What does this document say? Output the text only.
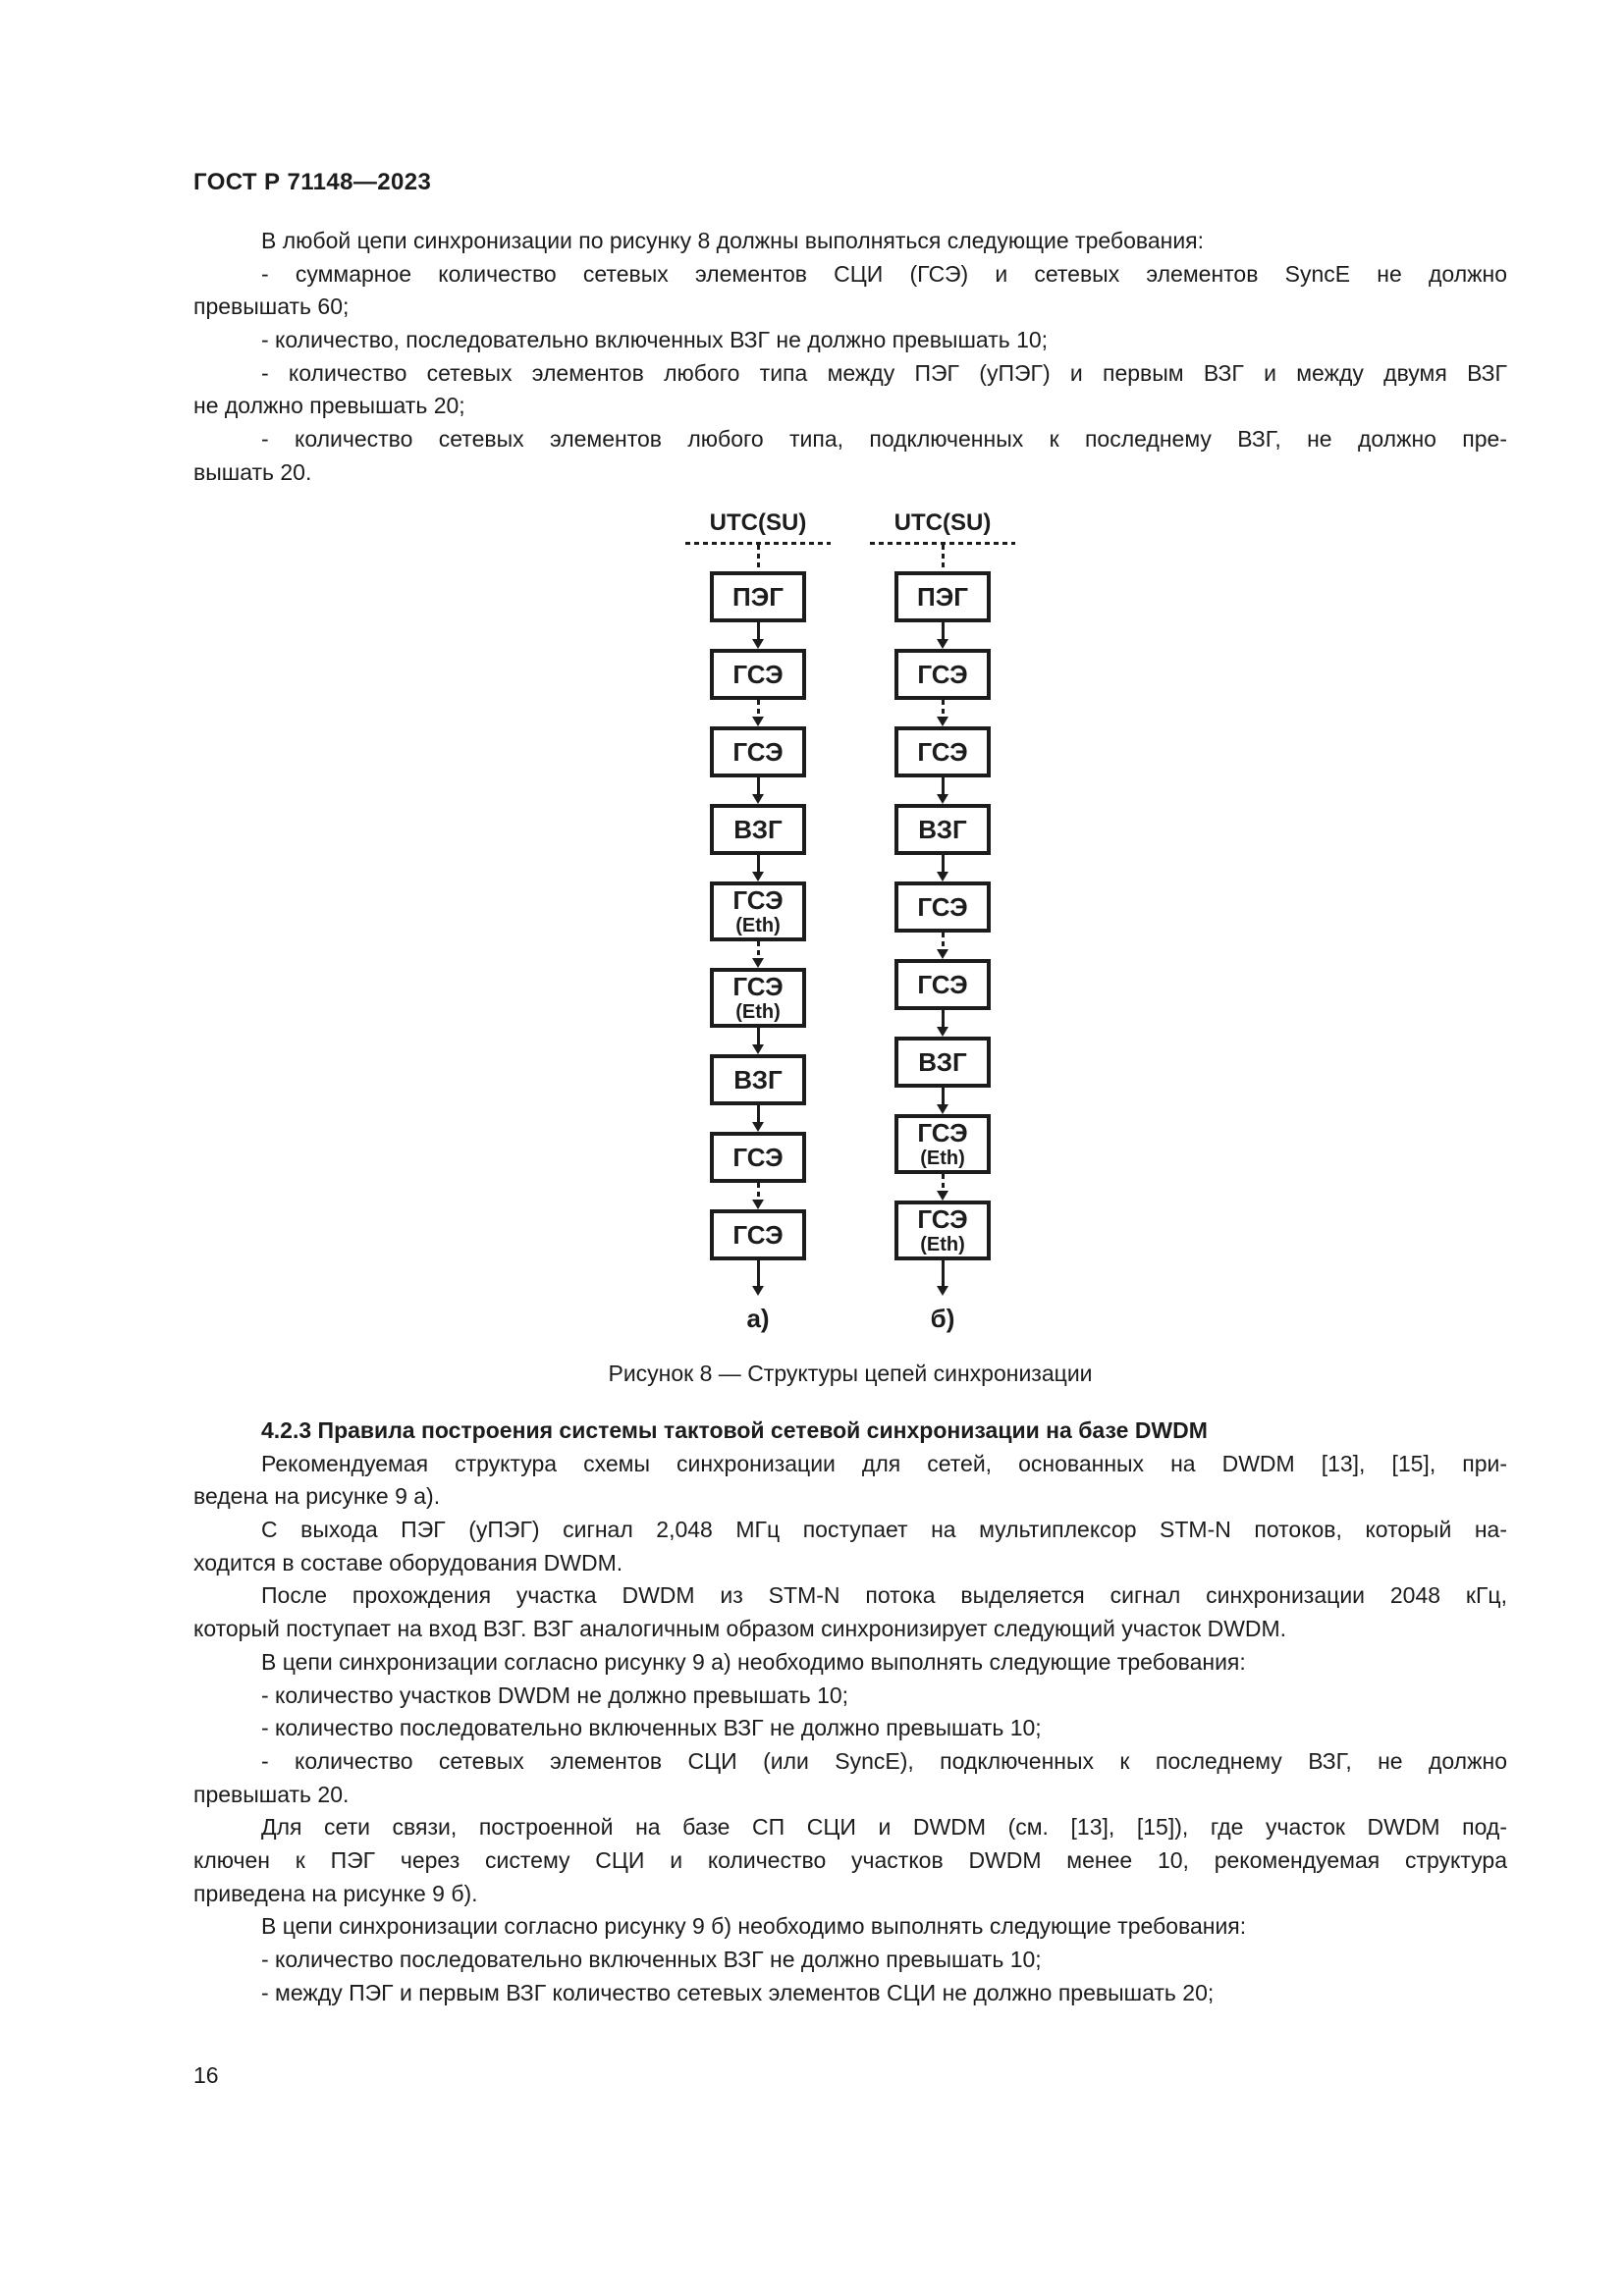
ГОСТ Р 71148—2023
В любой цепи синхронизации по рисунку 8 должны выполняться следующие требования:
- суммарное количество сетевых элементов СЦИ (ГСЭ) и сетевых элементов SyncE не должно
превышать 60;
- количество, последовательно включенных ВЗГ не должно превышать 10;
- количество сетевых элементов любого типа между ПЭГ (уПЭГ) и первым ВЗГ и между двумя ВЗГ
не должно превышать 20;
- количество сетевых элементов любого типа, подключенных к последнему ВЗГ, не должно пре-
вышать 20.
UTC(SU)
ПЭГ
ГСЭ
ГСЭ
ВЗГ
ГСЭ
(Eth)
ГСЭ
(Eth)
ВЗГ
ГСЭ
ГСЭ
а)
UTC(SU)
ПЭГ
ГСЭ
ГСЭ
ВЗГ
ГСЭ
ГСЭ
ВЗГ
ГСЭ
(Eth)
ГСЭ
(Eth)
б)
Рисунок 8 — Структуры цепей синхронизации
4.2.3 Правила построения системы тактовой сетевой синхронизации на базе DWDM
Рекомендуемая структура схемы синхронизации для сетей, основанных на DWDM [13], [15], при-
ведена на рисунке 9 а).
С выхода ПЭГ (уПЭГ) сигнал 2,048 МГц поступает на мультиплексор STM-N потоков, который на-
ходится в составе оборудования DWDM.
После прохождения участка DWDM из STM-N потока выделяется сигнал синхронизации 2048 кГц,
который поступает на вход ВЗГ. ВЗГ аналогичным образом синхронизирует следующий участок DWDM.
В цепи синхронизации согласно рисунку 9 а) необходимо выполнять следующие требования:
- количество участков DWDM не должно превышать 10;
- количество последовательно включенных ВЗГ не должно превышать 10;
- количество сетевых элементов СЦИ (или SyncE), подключенных к последнему ВЗГ, не должно
превышать 20.
Для сети связи, построенной на базе СП СЦИ и DWDM (см. [13], [15]), где участок DWDM под-
ключен к ПЭГ через систему СЦИ и количество участков DWDM менее 10, рекомендуемая структура
приведена на рисунке 9 б).
В цепи синхронизации согласно рисунку 9 б) необходимо выполнять следующие требования:
- количество последовательно включенных ВЗГ не должно превышать 10;
- между ПЭГ и первым ВЗГ количество сетевых элементов СЦИ не должно превышать 20;
16
